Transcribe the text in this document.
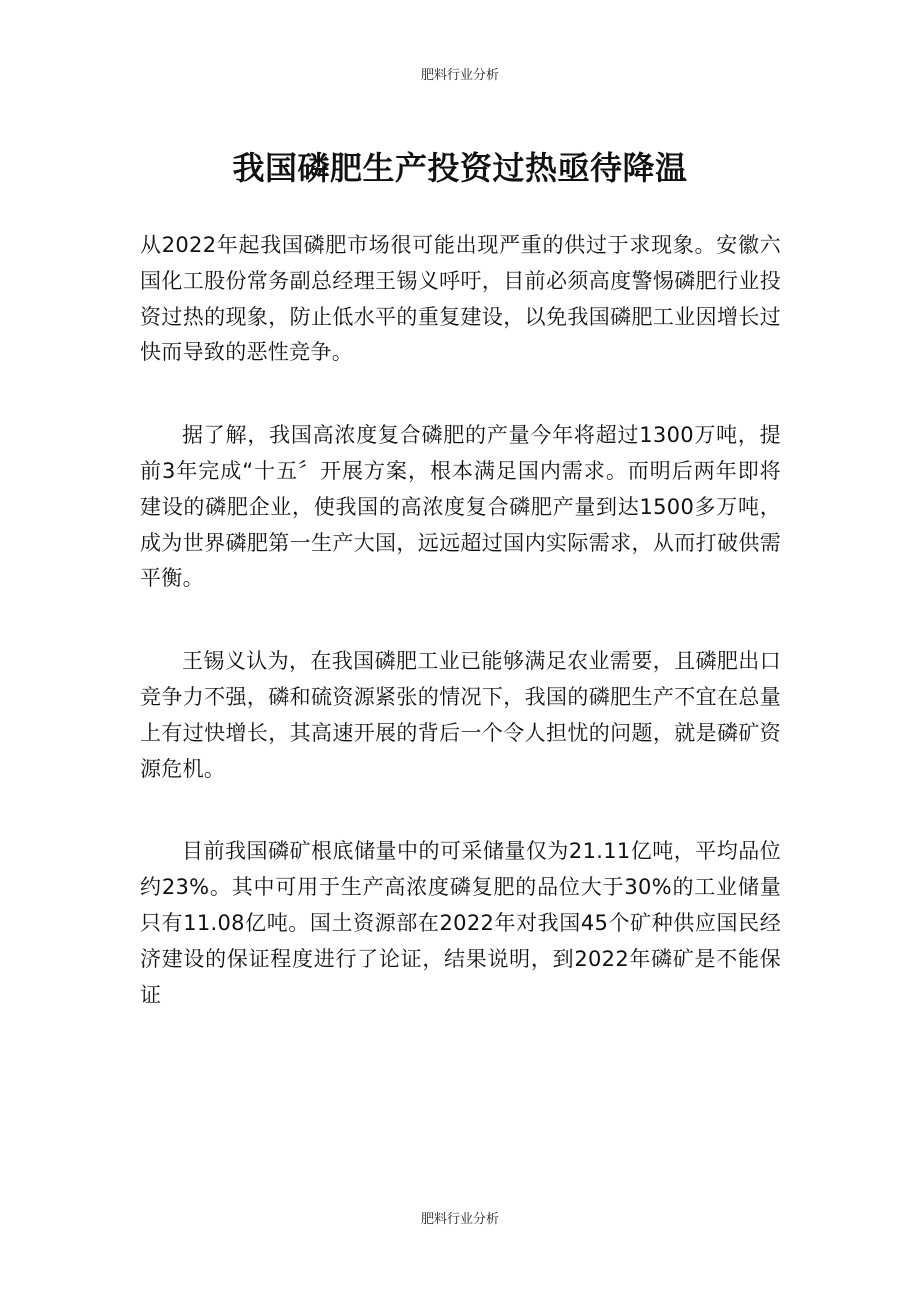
肥料行业分析
我国磷肥生产投资过热亟待降温

从2022年起我国磷肥市场很可能出现严重的供过于求现象。安徽六国化工股份常务副总经理王锡义呼吁，目前必须高度警惕磷肥行业投资过热的现象，防止低水平的重复建设，以免我国磷肥工业因增长过快而导致的恶性竞争。

据了解，我国高浓度复合磷肥的产量今年将超过1300万吨，提前3年完成“十五〞开展方案，根本满足国内需求。而明后两年即将建设的磷肥企业，使我国的高浓度复合磷肥产量到达1500多万吨，成为世界磷肥第一生产大国，远远超过国内实际需求，从而打破供需平衡。

王锡义认为，在我国磷肥工业已能够满足农业需要，且磷肥出口竞争力不强，磷和硫资源紧张的情况下，我国的磷肥生产不宜在总量上有过快增长，其高速开展的背后一个令人担忧的问题，就是磷矿资源危机。

目前我国磷矿根底储量中的可采储量仅为21.11亿吨，平均品位约23%。其中可用于生产高浓度磷复肥的品位大于30%的工业储量只有11.08亿吨。国土资源部在2022年对我国45个矿种供应国民经济建设的保证程度进行了论证，结果说明，到2022年磷矿是不能保证

肥料行业分析
